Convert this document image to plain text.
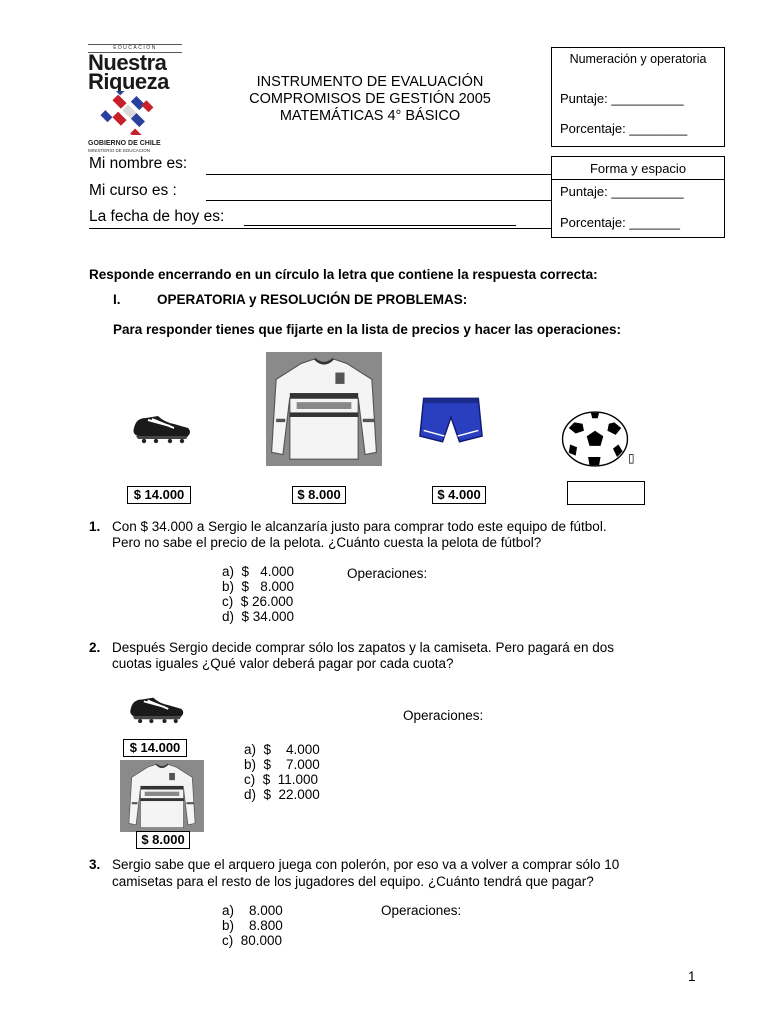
EDUCACION
Nuestra
Riqueza
GOBIERNO DE CHILE
MINISTERIO DE EDUCACION
INSTRUMENTO DE EVALUACIÓN
COMPROMISOS DE GESTIÓN 2005
MATEMÁTICAS 4° BÁSICO
Numeración y operatoria
Puntaje: __________
Porcentaje: ________
Forma y espacio
Puntaje: __________
Porcentaje: _______
Mi nombre es:
Mi curso es :
La fecha de hoy es:
Responde encerrando en un círculo la letra que contiene la respuesta correcta:
I.	OPERATORIA y RESOLUCIÓN DE PROBLEMAS:
Para responder tienes que fijarte en la lista de precios y hacer las operaciones:
▯
$ 14.000	$ 8.000	$ 4.000
1. Con $ 34.000 a Sergio le alcanzaría justo para comprar todo este equipo de fútbol.
Pero no sabe el precio de la pelota. ¿Cuánto cuesta la pelota de fútbol?
a)  $   4.000
b)  $   8.000
c)  $ 26.000
d)  $ 34.000
Operaciones:
2. Después Sergio decide comprar sólo los zapatos y la camiseta. Pero pagará en dos
cuotas iguales ¿Qué valor deberá pagar por cada cuota?
$ 14.000
$ 8.000
Operaciones:
a)  $    4.000
b)  $    7.000
c)  $  11.000
d)  $  22.000
3. Sergio sabe que el arquero juega con polerón, por eso va a volver a comprar sólo 10
camisetas para el resto de los jugadores del equipo. ¿Cuánto tendrá que pagar?
a)    8.000
b)    8.800
c)  80.000
Operaciones:
1
